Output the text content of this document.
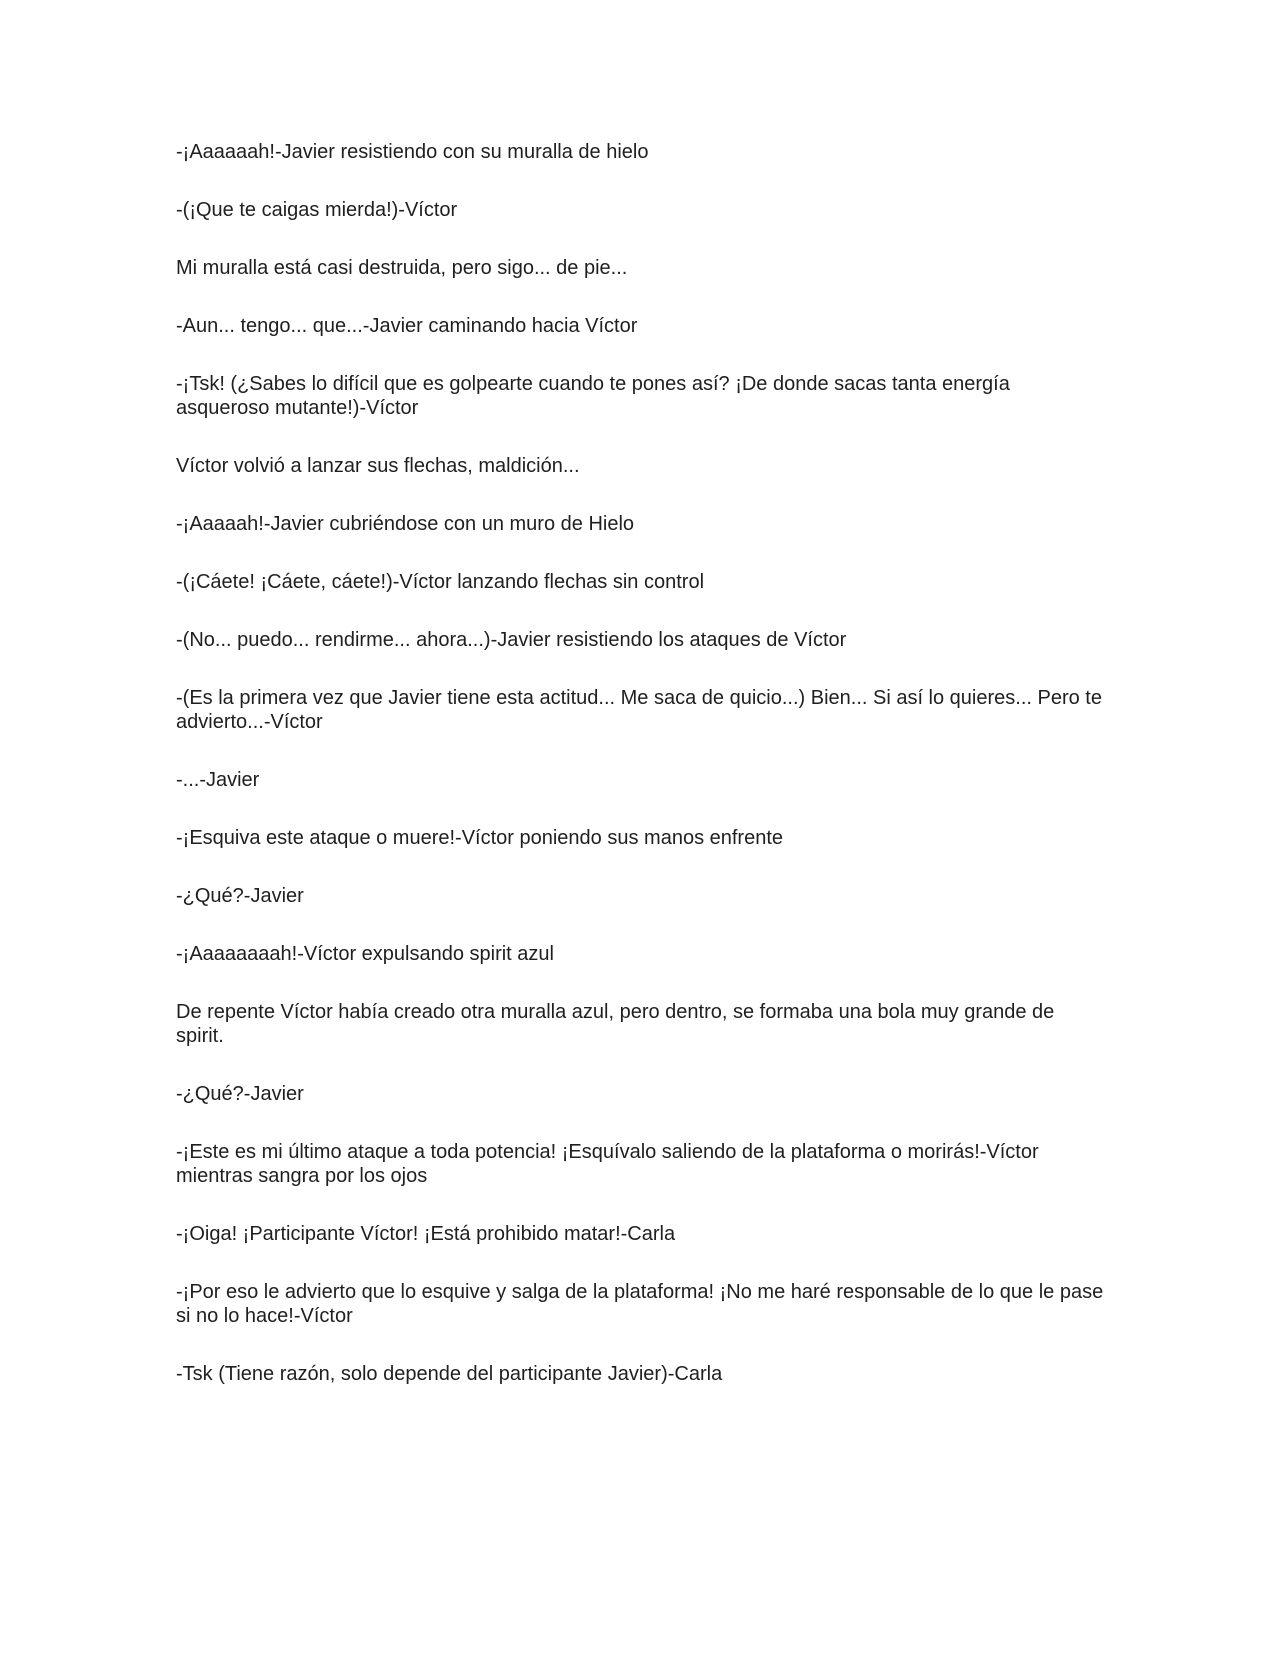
-¡Aaaaaah!-Javier resistiendo con su muralla de hielo

-(¡Que te caigas mierda!)-Víctor

Mi muralla está casi destruida, pero sigo... de pie...

-Aun... tengo... que...-Javier caminando hacia Víctor

-¡Tsk! (¿Sabes lo difícil que es golpearte cuando te pones así? ¡De donde sacas tanta energía asqueroso mutante!)-Víctor

Víctor volvió a lanzar sus flechas, maldición...

-¡Aaaaah!-Javier cubriéndose con un muro de Hielo

-(¡Cáete! ¡Cáete, cáete!)-Víctor lanzando flechas sin control

-(No... puedo... rendirme... ahora...)-Javier resistiendo los ataques de Víctor

-(Es la primera vez que Javier tiene esta actitud... Me saca de quicio...) Bien... Si así lo quieres... Pero te advierto...-Víctor

-...-Javier

-¡Esquiva este ataque o muere!-Víctor poniendo sus manos enfrente

-¿Qué?-Javier

-¡Aaaaaaaah!-Víctor expulsando spirit azul

De repente Víctor había creado otra muralla azul, pero dentro, se formaba una bola muy grande de spirit.

-¿Qué?-Javier

-¡Este es mi último ataque a toda potencia! ¡Esquívalo saliendo de la plataforma o morirás!-Víctor mientras sangra por los ojos

-¡Oiga! ¡Participante Víctor! ¡Está prohibido matar!-Carla

-¡Por eso le advierto que lo esquive y salga de la plataforma! ¡No me haré responsable de lo que le pase si no lo hace!-Víctor

-Tsk (Tiene razón, solo depende del participante Javier)-Carla
